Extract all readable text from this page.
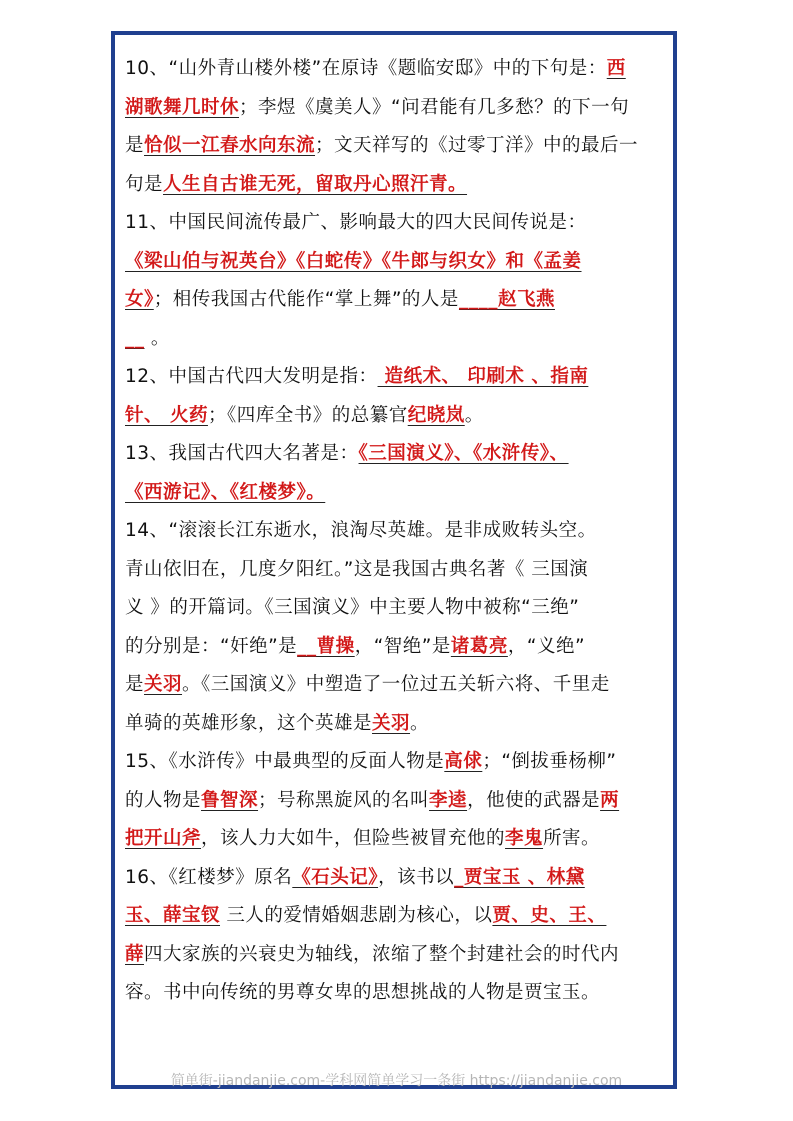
10、“山外青山楼外楼”在原诗《题临安邸》中的下句是：西
湖歌舞几时休；李煜《虞美人》“问君能有几多愁？的下一句
是恰似一江春水向东流；文天祥写的《过零丁洋》中的最后一
句是人生自古谁无死，留取丹心照汗青。
11、中国民间流传最广、影响最大的四大民间传说是：
《梁山伯与祝英台》《白蛇传》《牛郎与织女》和《孟姜
女》；相传我国古代能作“掌上舞”的人是____赵飞燕
__ 。
12、中国古代四大发明是指： 造纸术、 印刷术 、指南
针、 火药；《四库全书》的总纂官纪晓岚。
13、我国古代四大名著是：《三国演义》、《水浒传》、
《西游记》、《红楼梦》。
14、“滚滚长江东逝水，浪淘尽英雄。是非成败转头空。
青山依旧在，几度夕阳红。”这是我国古典名著《 三国演
义 》的开篇词。《三国演义》中主要人物中被称“三绝”
的分别是：“奸绝”是__曹操，“智绝”是诸葛亮，“义绝”
是关羽。《三国演义》中塑造了一位过五关斩六将、千里走
单骑的英雄形象，这个英雄是关羽。
15、《水浒传》中最典型的反面人物是高俅；“倒拔垂杨柳”
的人物是鲁智深；号称黑旋风的名叫李逵，他使的武器是两
把开山斧，该人力大如牛，但险些被冒充他的李鬼所害。
16、《红楼梦》原名《石头记》，该书以_贾宝玉 、林黛
玉、薛宝钗 三人的爱情婚姻悲剧为核心，以贾、史、王、
薛四大家族的兴衰史为轴线，浓缩了整个封建社会的时代内
容。书中向传统的男尊女卑的思想挑战的人物是贾宝玉。
简单街-jiandanjie.com-学科网简单学习一条街 https://jiandanjie.com
